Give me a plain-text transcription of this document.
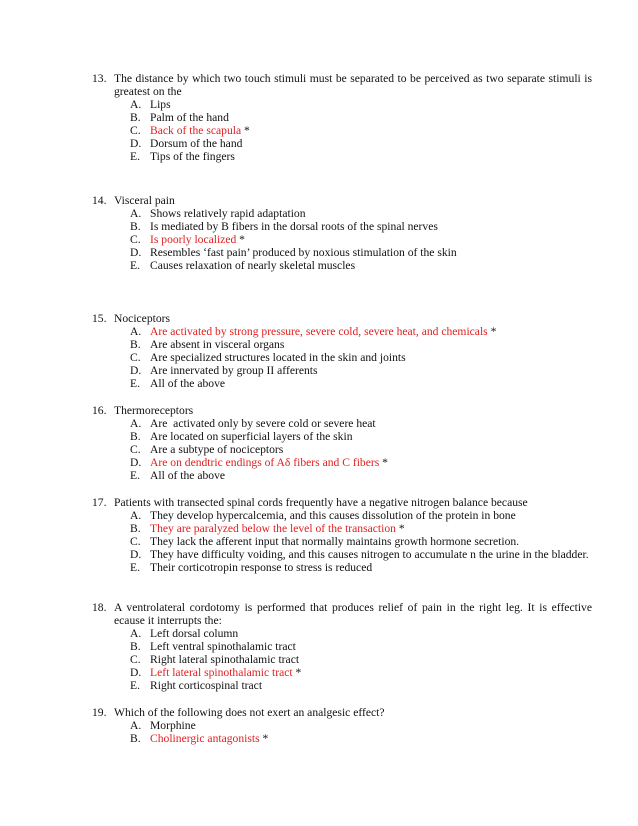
13. The distance by which two touch stimuli must be separated to be perceived as two separate stimuli is greatest on the
A. Lips
B. Palm of the hand
C. Back of the scapula *
D. Dorsum of the hand
E. Tips of the fingers
14. Visceral pain
A. Shows relatively rapid adaptation
B. Is mediated by B fibers in the dorsal roots of the spinal nerves
C. Is poorly localized *
D. Resembles ‘fast pain’ produced by noxious stimulation of the skin
E. Causes relaxation of nearly skeletal muscles
15. Nociceptors
A. Are activated by strong pressure, severe cold, severe heat, and chemicals *
B. Are absent in visceral organs
C. Are specialized structures located in the skin and joints
D. Are innervated by group II afferents
E. All of the above
16. Thermoreceptors
A. Are  activated only by severe cold or severe heat
B. Are located on superficial layers of the skin
C. Are a subtype of nociceptors
D. Are on dendtric endings of Aδ fibers and C fibers *
E. All of the above
17. Patients with transected spinal cords frequently have a negative nitrogen balance because
A. They develop hypercalcemia, and this causes dissolution of the protein in bone
B. They are paralyzed below the level of the transaction *
C. They lack the afferent input that normally maintains growth hormone secretion.
D. They have difficulty voiding, and this causes nitrogen to accumulate n the urine in the bladder.
E. Their corticotropin response to stress is reduced
18. A ventrolateral cordotomy is performed that produces relief of pain in the right leg. It is effective ecause it interrupts the:
A. Left dorsal column
B. Left ventral spinothalamic tract
C. Right lateral spinothalamic tract
D. Left lateral spinothalamic tract *
E. Right corticospinal tract
19. Which of the following does not exert an analgesic effect?
A. Morphine
B. Cholinergic antagonists *
